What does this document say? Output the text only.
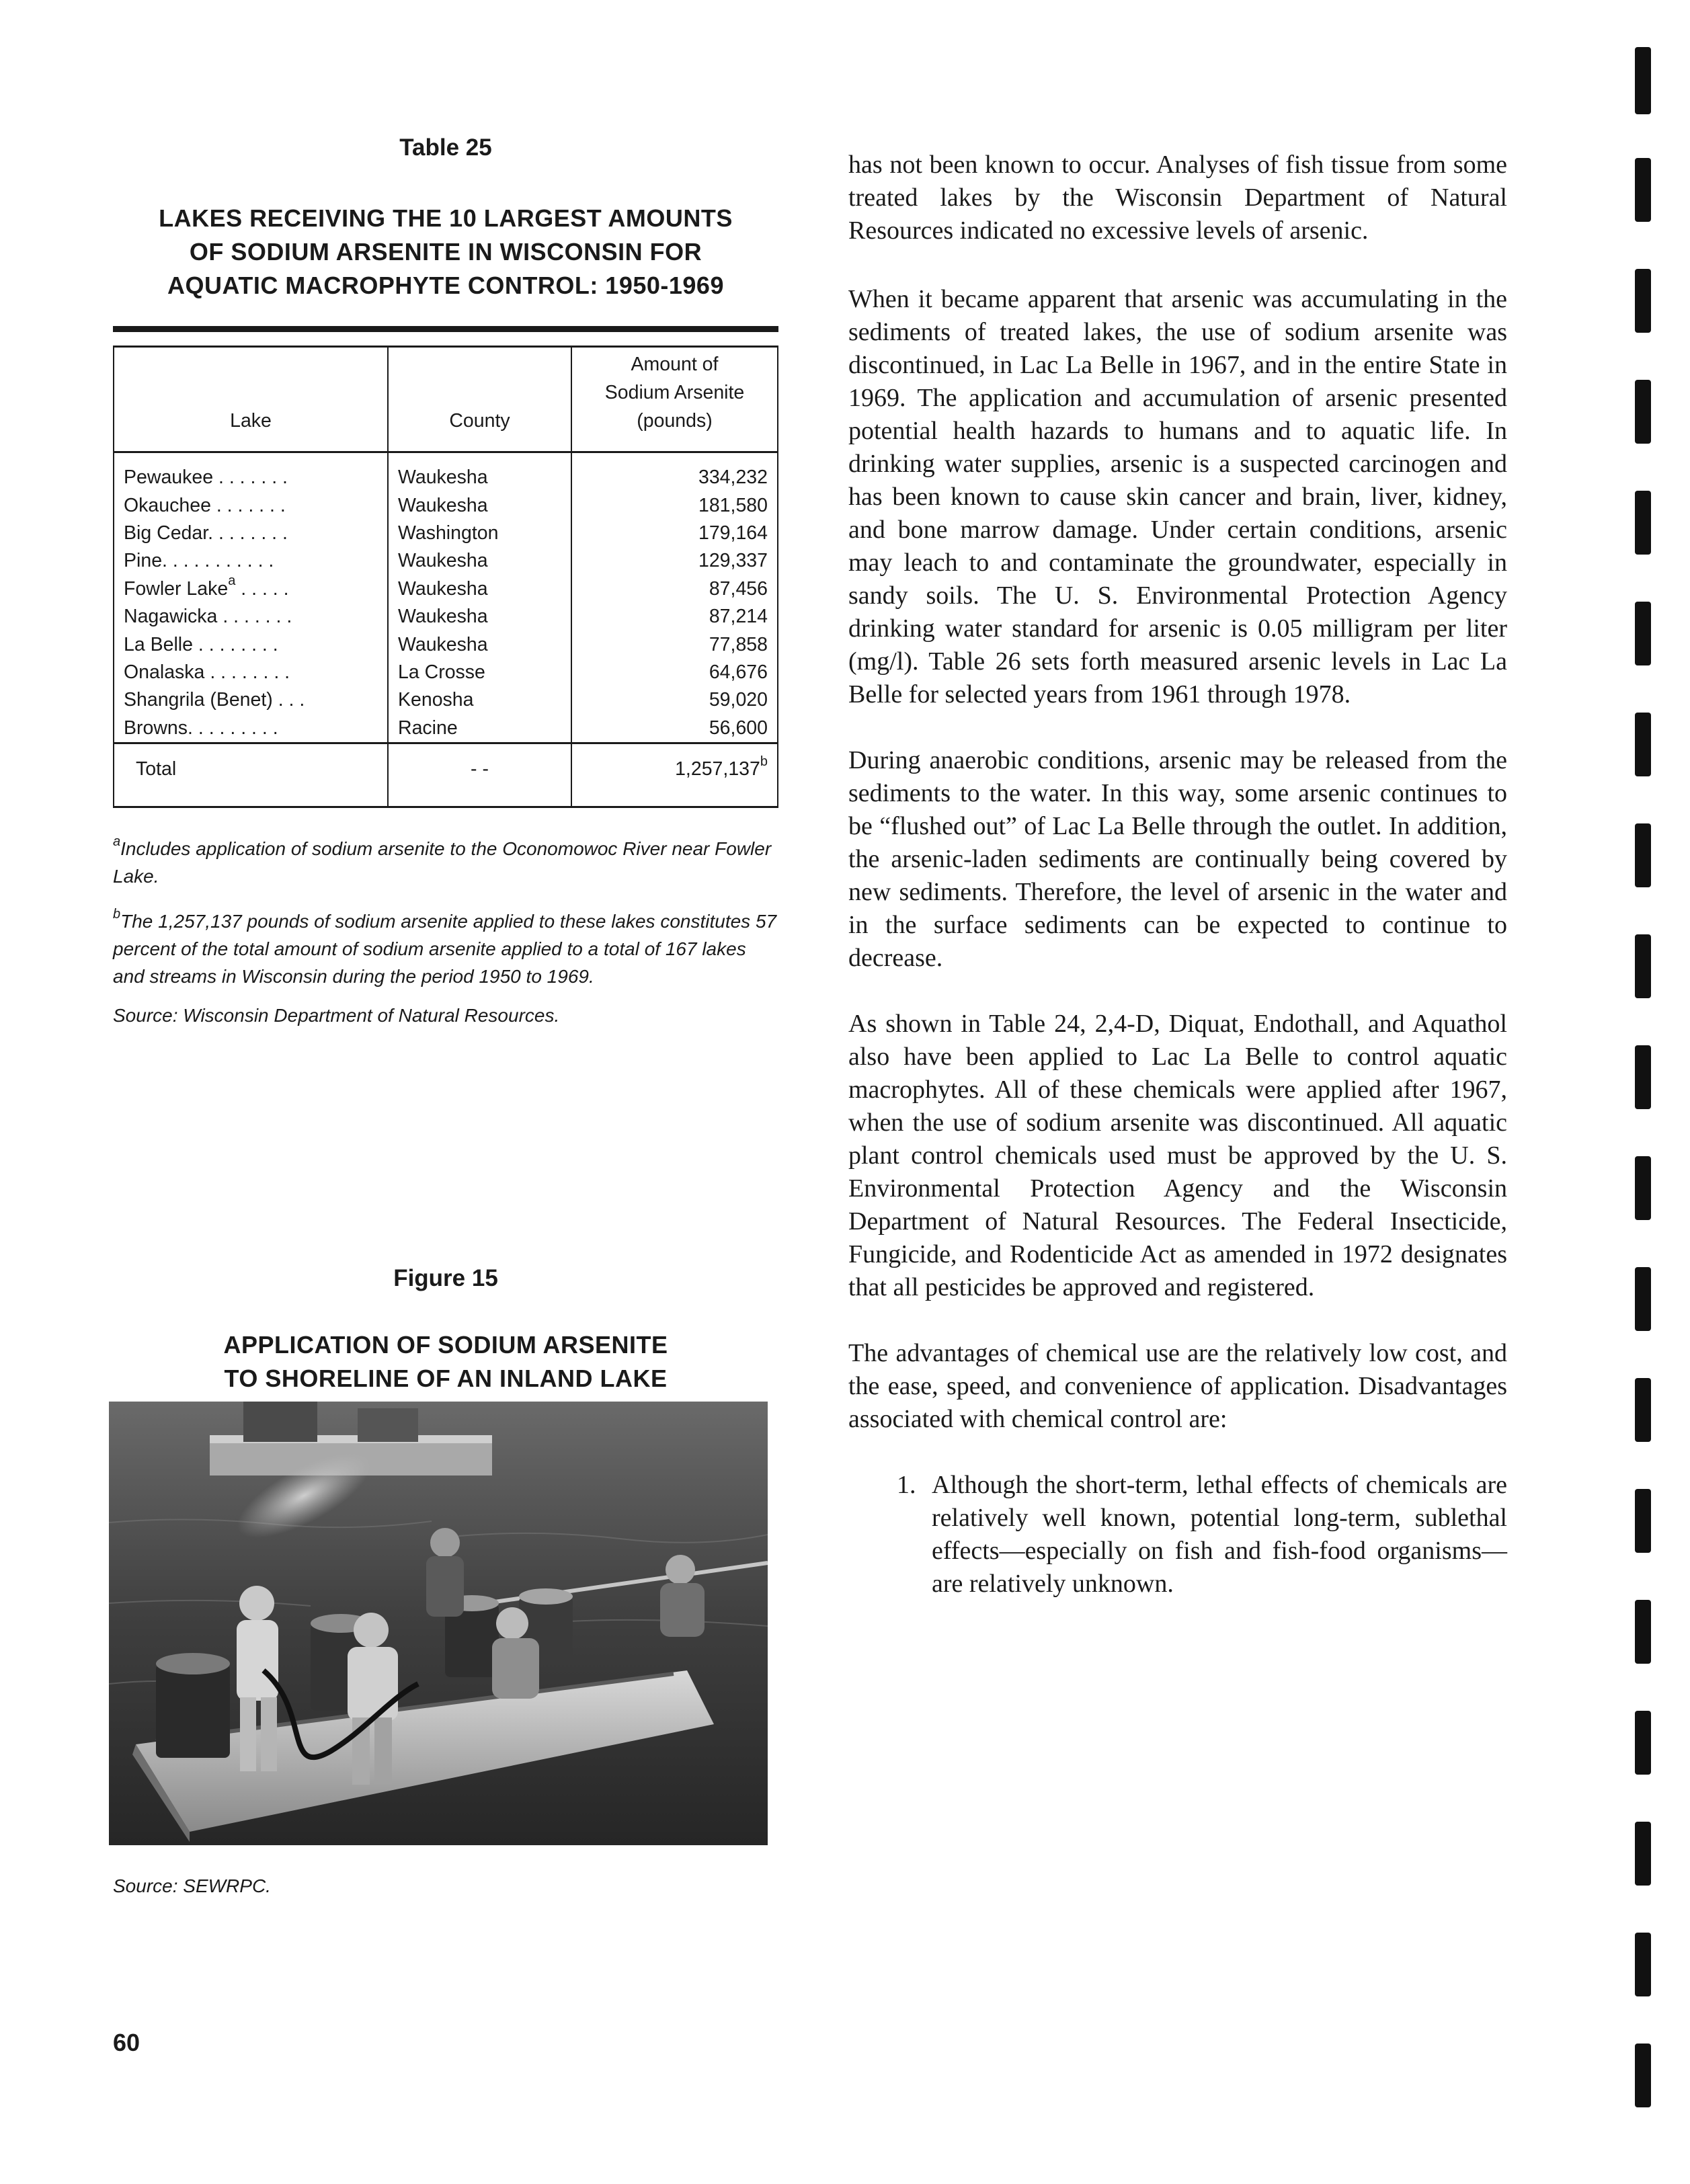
Table 25
LAKES RECEIVING THE 10 LARGEST AMOUNTS
OF SODIUM ARSENITE IN WISCONSIN FOR
AQUATIC MACROPHYTE CONTROL: 1950-1969
Lake	County	Amount of
Sodium Arsenite
(pounds)

Pewaukee . . . . . . .	Waukesha	334,232
Okauchee . . . . . . .	Waukesha	181,580
Big Cedar. . . . . . . .	Washington	179,164
Pine. . . . . . . . . . .	Waukesha	129,337
Fowler Lake$^a$ . . . . .	Waukesha	87,456
Nagawicka . . . . . . .	Waukesha	87,214
La Belle . . . . . . . .	Waukesha	77,858
Onalaska . . . . . . . .	La Crosse	64,676
Shangrila (Benet) . . .	Kenosha	59,020
Browns. . . . . . . . .	Racine	56,600
Total	- -	1,257,137$^b$
$^a$Includes application of sodium arsenite to the Oconomowoc River near Fowler Lake.
$^b$The 1,257,137 pounds of sodium arsenite applied to these lakes constitutes 57 percent of the total amount of sodium arsenite applied to a total of 167 lakes and streams in Wisconsin during the period 1950 to 1969.
Source: Wisconsin Department of Natural Resources.
Figure 15
APPLICATION OF SODIUM ARSENITE
TO SHORELINE OF AN INLAND LAKE
Source: SEWRPC.
60

has not been known to occur. Analyses of fish tissue from some treated lakes by the Wisconsin Department of Natural Resources indicated no excessive levels of arsenic.

When it became apparent that arsenic was accumulating in the sediments of treated lakes, the use of sodium arsenite was discontinued, in Lac La Belle in 1967, and in the entire State in 1969. The application and accumulation of arsenic presented potential health hazards to humans and to aquatic life. In drinking water supplies, arsenic is a suspected carcinogen and has been known to cause skin cancer and brain, liver, kidney, and bone marrow damage. Under certain conditions, arsenic may leach to and contaminate the groundwater, especially in sandy soils. The U. S. Environmental Protection Agency drinking water standard for arsenic is 0.05 milligram per liter (mg/l). Table 26 sets forth measured arsenic levels in Lac La Belle for selected years from 1961 through 1978.

During anaerobic conditions, arsenic may be released from the sediments to the water. In this way, some arsenic continues to be “flushed out” of Lac La Belle through the outlet. In addition, the arsenic-laden sediments are continually being covered by new sediments. Therefore, the level of arsenic in the water and in the surface sediments can be expected to continue to decrease.

As shown in Table 24, 2,4-D, Diquat, Endothall, and Aquathol also have been applied to Lac La Belle to control aquatic macrophytes. All of these chemicals were applied after 1967, when the use of sodium arsenite was discontinued. All aquatic plant control chemicals used must be approved by the U. S. Environmental Protection Agency and the Wisconsin Department of Natural Resources. The Federal Insecticide, Fungicide, and Rodenticide Act as amended in 1972 designates that all pesticides be approved and registered.

The advantages of chemical use are the relatively low cost, and the ease, speed, and convenience of application. Disadvantages associated with chemical control are:

1. Although the short-term, lethal effects of chemicals are relatively well known, potential long-term, sublethal effects—especially on fish and fish-food organisms—are relatively unknown.
